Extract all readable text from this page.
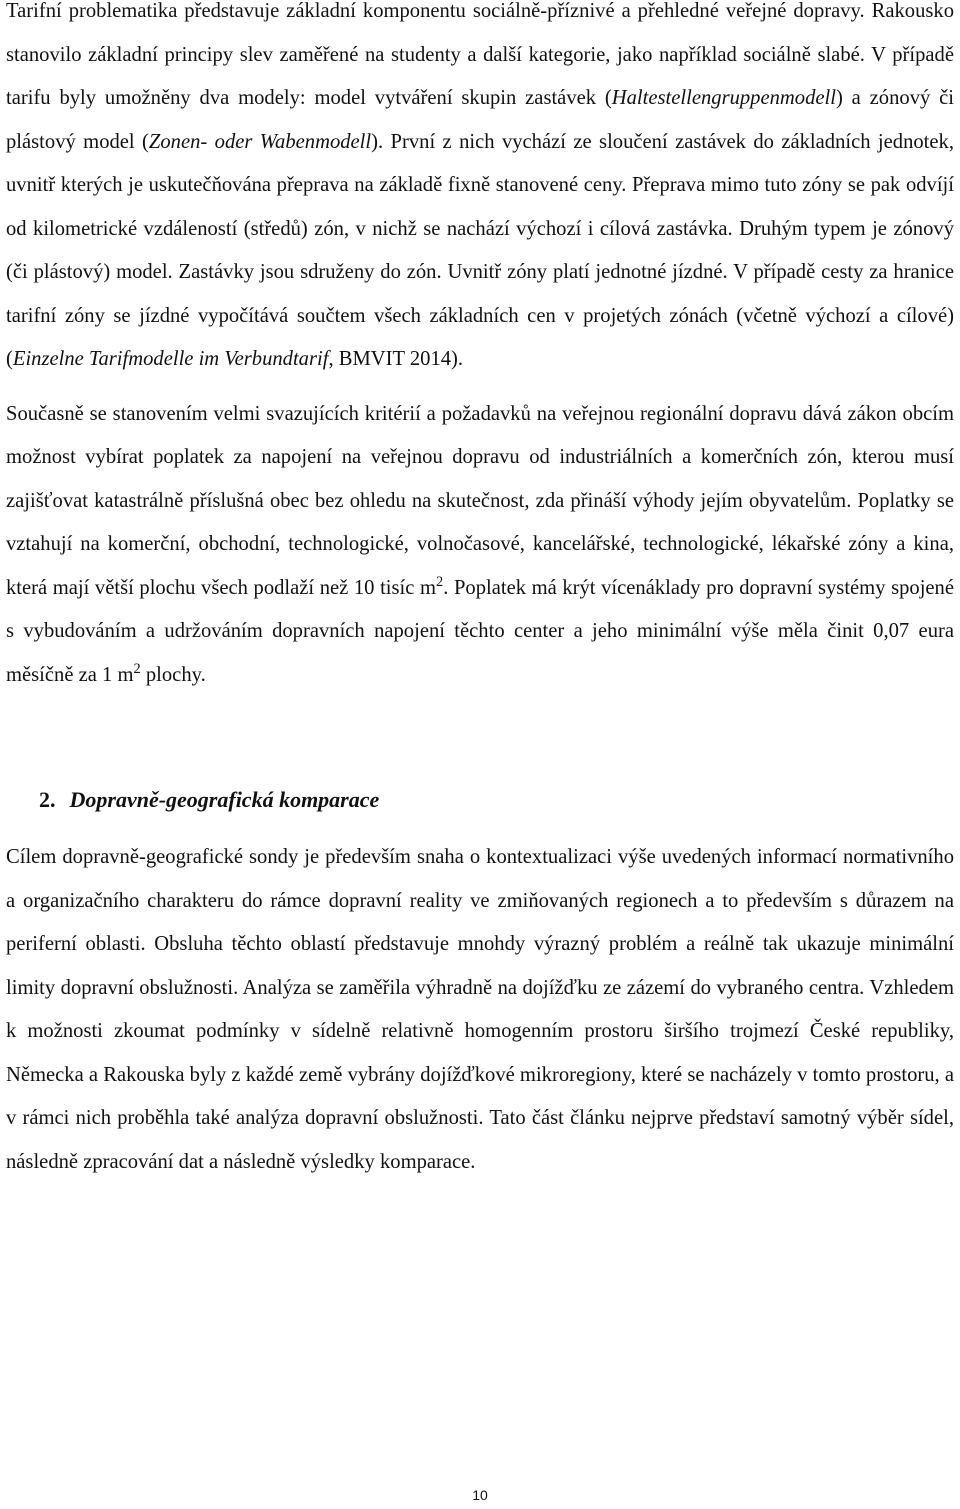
Tarifní problematika představuje základní komponentu sociálně-příznivé a přehledné veřejné dopravy. Rakousko stanovilo základní principy slev zaměřené na studenty a další kategorie, jako například sociálně slabé. V případě tarifu byly umožněny dva modely: model vytváření skupin zastávek (Haltestellengruppenmodell) a zónový či plástový model (Zonen- oder Wabenmodell). První z nich vychází ze sloučení zastávek do základních jednotek, uvnitř kterých je uskutečňována přeprava na základě fixně stanovené ceny. Přeprava mimo tuto zóny se pak odvíjí od kilometrické vzdáleností (středů) zón, v nichž se nachází výchozí i cílová zastávka. Druhým typem je zónový (či plástový) model. Zastávky jsou sdruženy do zón. Uvnitř zóny platí jednotné jízdné. V případě cesty za hranice tarifní zóny se jízdné vypočítává součtem všech základních cen v projetých zónách (včetně výchozí a cílové) (Einzelne Tarifmodelle im Verbundtarif, BMVIT 2014).

Současně se stanovením velmi svazujících kritérií a požadavků na veřejnou regionální dopravu dává zákon obcím možnost vybírat poplatek za napojení na veřejnou dopravu od industriálních a komerčních zón, kterou musí zajišťovat katastrálně příslušná obec bez ohledu na skutečnost, zda přináší výhody jejím obyvatelům. Poplatky se vztahují na komerční, obchodní, technologické, volnočasové, kancelářské, technologické, lékařské zóny a kina, která mají větší plochu všech podlaží než 10 tisíc $m^2$. Poplatek má krýt vícenáklady pro dopravní systémy spojené s vybudováním a udržováním dopravních napojení těchto center a jeho minimální výše měla činit 0,07 eura měsíčně za 1 $m^2$ plochy.

2. Dopravně-geografická komparace

Cílem dopravně-geografické sondy je především snaha o kontextualizaci výše uvedených informací normativního a organizačního charakteru do rámce dopravní reality ve zmiňovaných regionech a to především s důrazem na periferní oblasti. Obsluha těchto oblastí představuje mnohdy výrazný problém a reálně tak ukazuje minimální limity dopravní obslužnosti. Analýza se zaměřila výhradně na dojížďku ze zázemí do vybraného centra. Vzhledem k možnosti zkoumat podmínky v sídelně relativně homogenním prostoru širšího trojmezí České republiky, Německa a Rakouska byly z každé země vybrány dojížďkové mikroregiony, které se nacházely v tomto prostoru, a v rámci nich proběhla také analýza dopravní obslužnosti. Tato část článku nejprve představí samotný výběr sídel, následně zpracování dat a následně výsledky komparace.

10
